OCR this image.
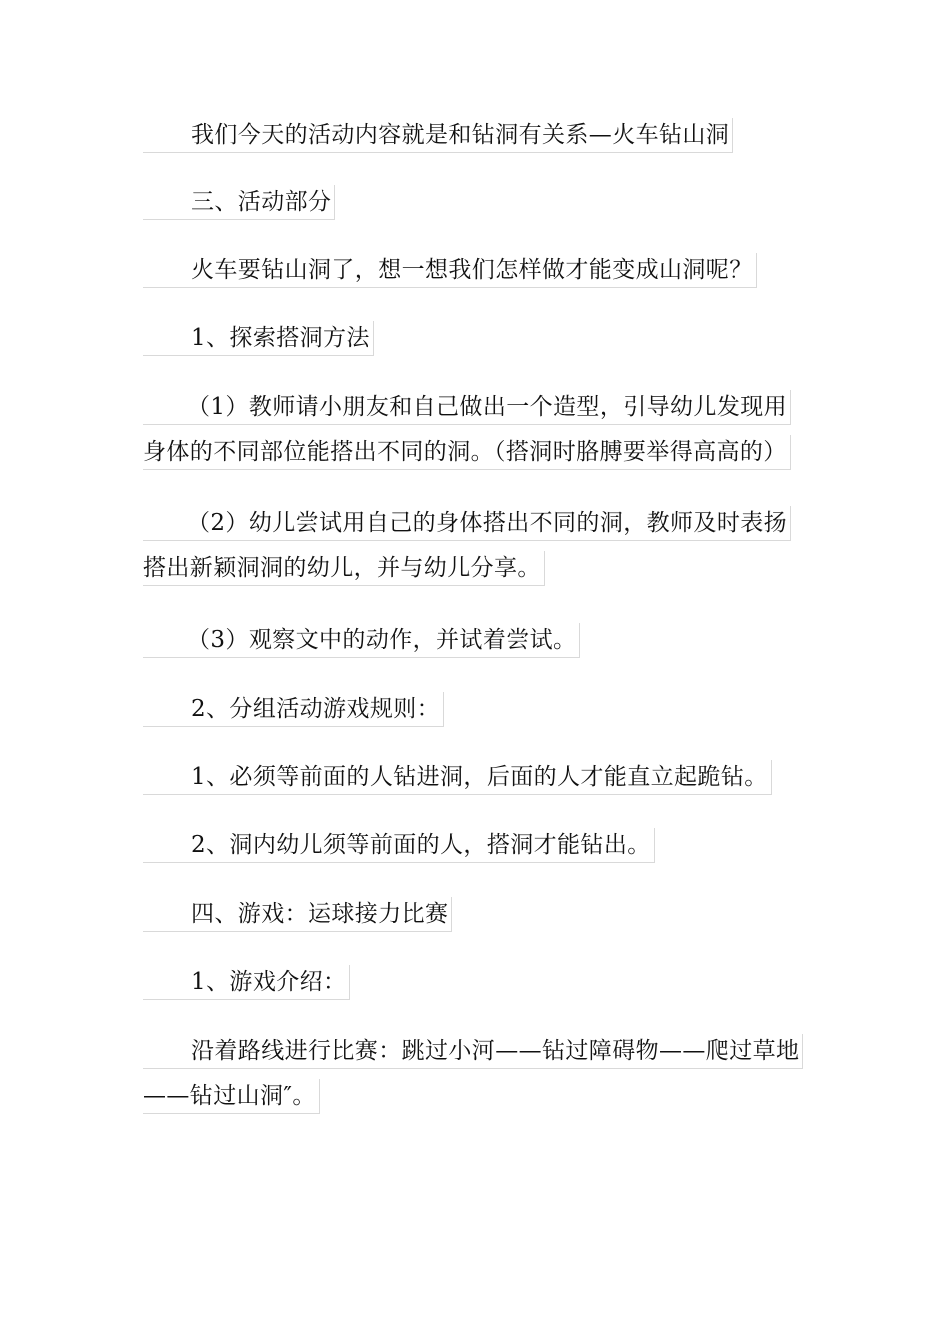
我们今天的活动内容就是和钻洞有关系—火车钻山洞
三、活动部分
火车要钻山洞了，想一想我们怎样做才能变成山洞呢？
1、探索搭洞方法
（1）教师请小朋友和自己做出一个造型，引导幼儿发现用
身体的不同部位能搭出不同的洞。（搭洞时胳膊要举得高高的）
（2）幼儿尝试用自己的身体搭出不同的洞，教师及时表扬
搭出新颖洞洞的幼儿，并与幼儿分享。
（3）观察文中的动作，并试着尝试。
2、分组活动游戏规则：
1、必须等前面的人钻进洞，后面的人才能直立起跪钻。
2、洞内幼儿须等前面的人，搭洞才能钻出。
四、游戏：运球接力比赛
1、游戏介绍：
沿着路线进行比赛：跳过小河——钻过障碍物——爬过草地
——钻过山洞″。
